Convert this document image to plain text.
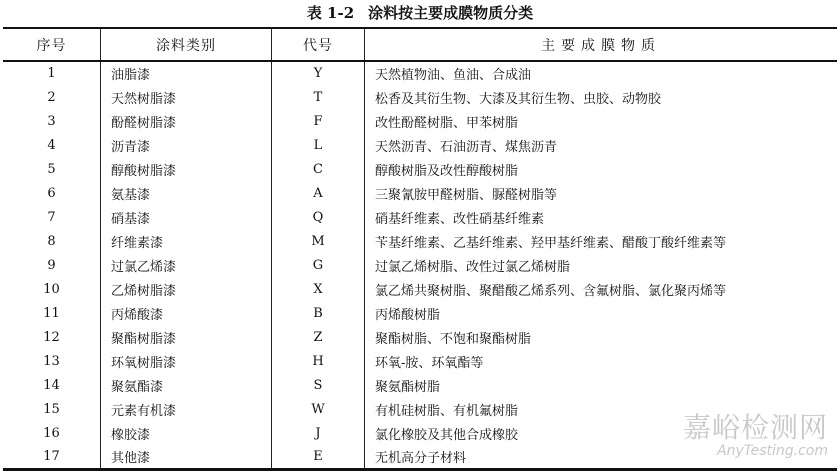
表 1-2 涂料按主要成膜物质分类
序号	涂料类别	代号	主要成膜物质
1	油脂漆	Y	天然植物油、鱼油、合成油
2	天然树脂漆	T	松香及其衍生物、大漆及其衍生物、虫胶、动物胶
3	酚醛树脂漆	F	改性酚醛树脂、甲苯树脂
4	沥青漆	L	天然沥青、石油沥青、煤焦沥青
5	醇酸树脂漆	C	醇酸树脂及改性醇酸树脂
6	氨基漆	A	三聚氰胺甲醛树脂、脲醛树脂等
7	硝基漆	Q	硝基纤维素、改性硝基纤维素
8	纤维素漆	M	苄基纤维素、乙基纤维素、羟甲基纤维素、醋酸丁酸纤维素等
9	过氯乙烯漆	G	过氯乙烯树脂、改性过氯乙烯树脂
10	乙烯树脂漆	X	氯乙烯共聚树脂、聚醋酸乙烯系列、含氟树脂、氯化聚丙烯等
11	丙烯酸漆	B	丙烯酸树脂
12	聚酯树脂漆	Z	聚酯树脂、不饱和聚酯树脂
13	环氧树脂漆	H	环氧-胺、环氧酯等
14	聚氨酯漆	S	聚氨酯树脂
15	元素有机漆	W	有机硅树脂、有机氟树脂
16	橡胶漆	J	氯化橡胶及其他合成橡胶
17	其他漆	E	无机高分子材料
嘉峪检测网
AnyTesting.com
